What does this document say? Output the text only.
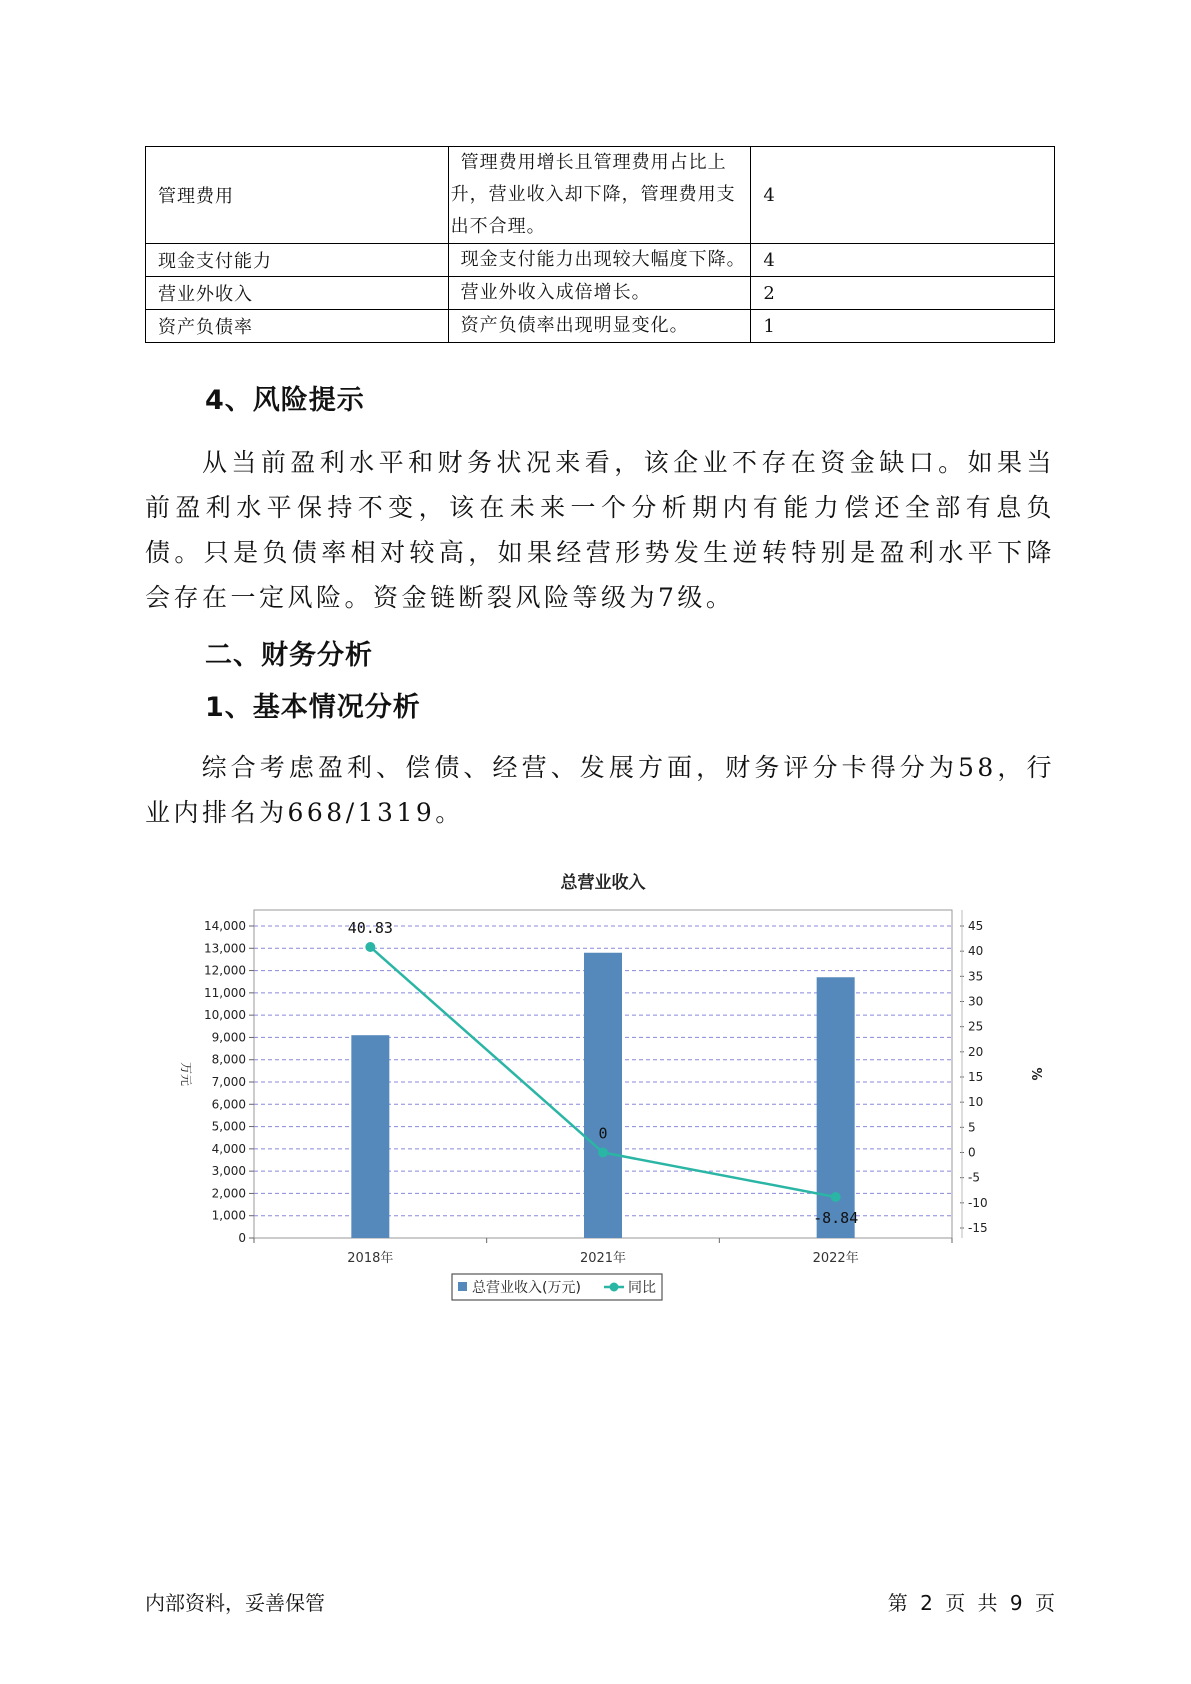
管理费用	管理费用增长且管理费用占比上升，营业收入却下降，管理费用支出不合理。	4
现金支付能力	现金支付能力出现较大幅度下降。	4
营业外收入	营业外收入成倍增长。	2
资产负债率	资产负债率出现明显变化。	1
4、风险提示
从当前盈利水平和财务状况来看，该企业不存在资金缺口。如果当前盈利水平保持不变，该在未来一个分析期内有能力偿还全部有息负债。只是负债率相对较高，如果经营形势发生逆转特别是盈利水平下降会存在一定风险。资金链断裂风险等级为7级。
二、财务分析
1、基本情况分析
综合考虑盈利、偿债、经营、发展方面，财务评分卡得分为58，行业内排名为668/1319。
总营业收入
0
1,000
2,000
3,000
4,000
5,000
6,000
7,000
8,000
9,000
10,000
11,000
12,000
13,000
14,000
-15
-10
-5
0
5
10
15
20
25
30
35
40
45
万元	%
2018年	2021年	2022年
40.83
0
-8.84
总营业收入(万元)	同比
内部资料，妥善保管	第 2 页 共 9 页
